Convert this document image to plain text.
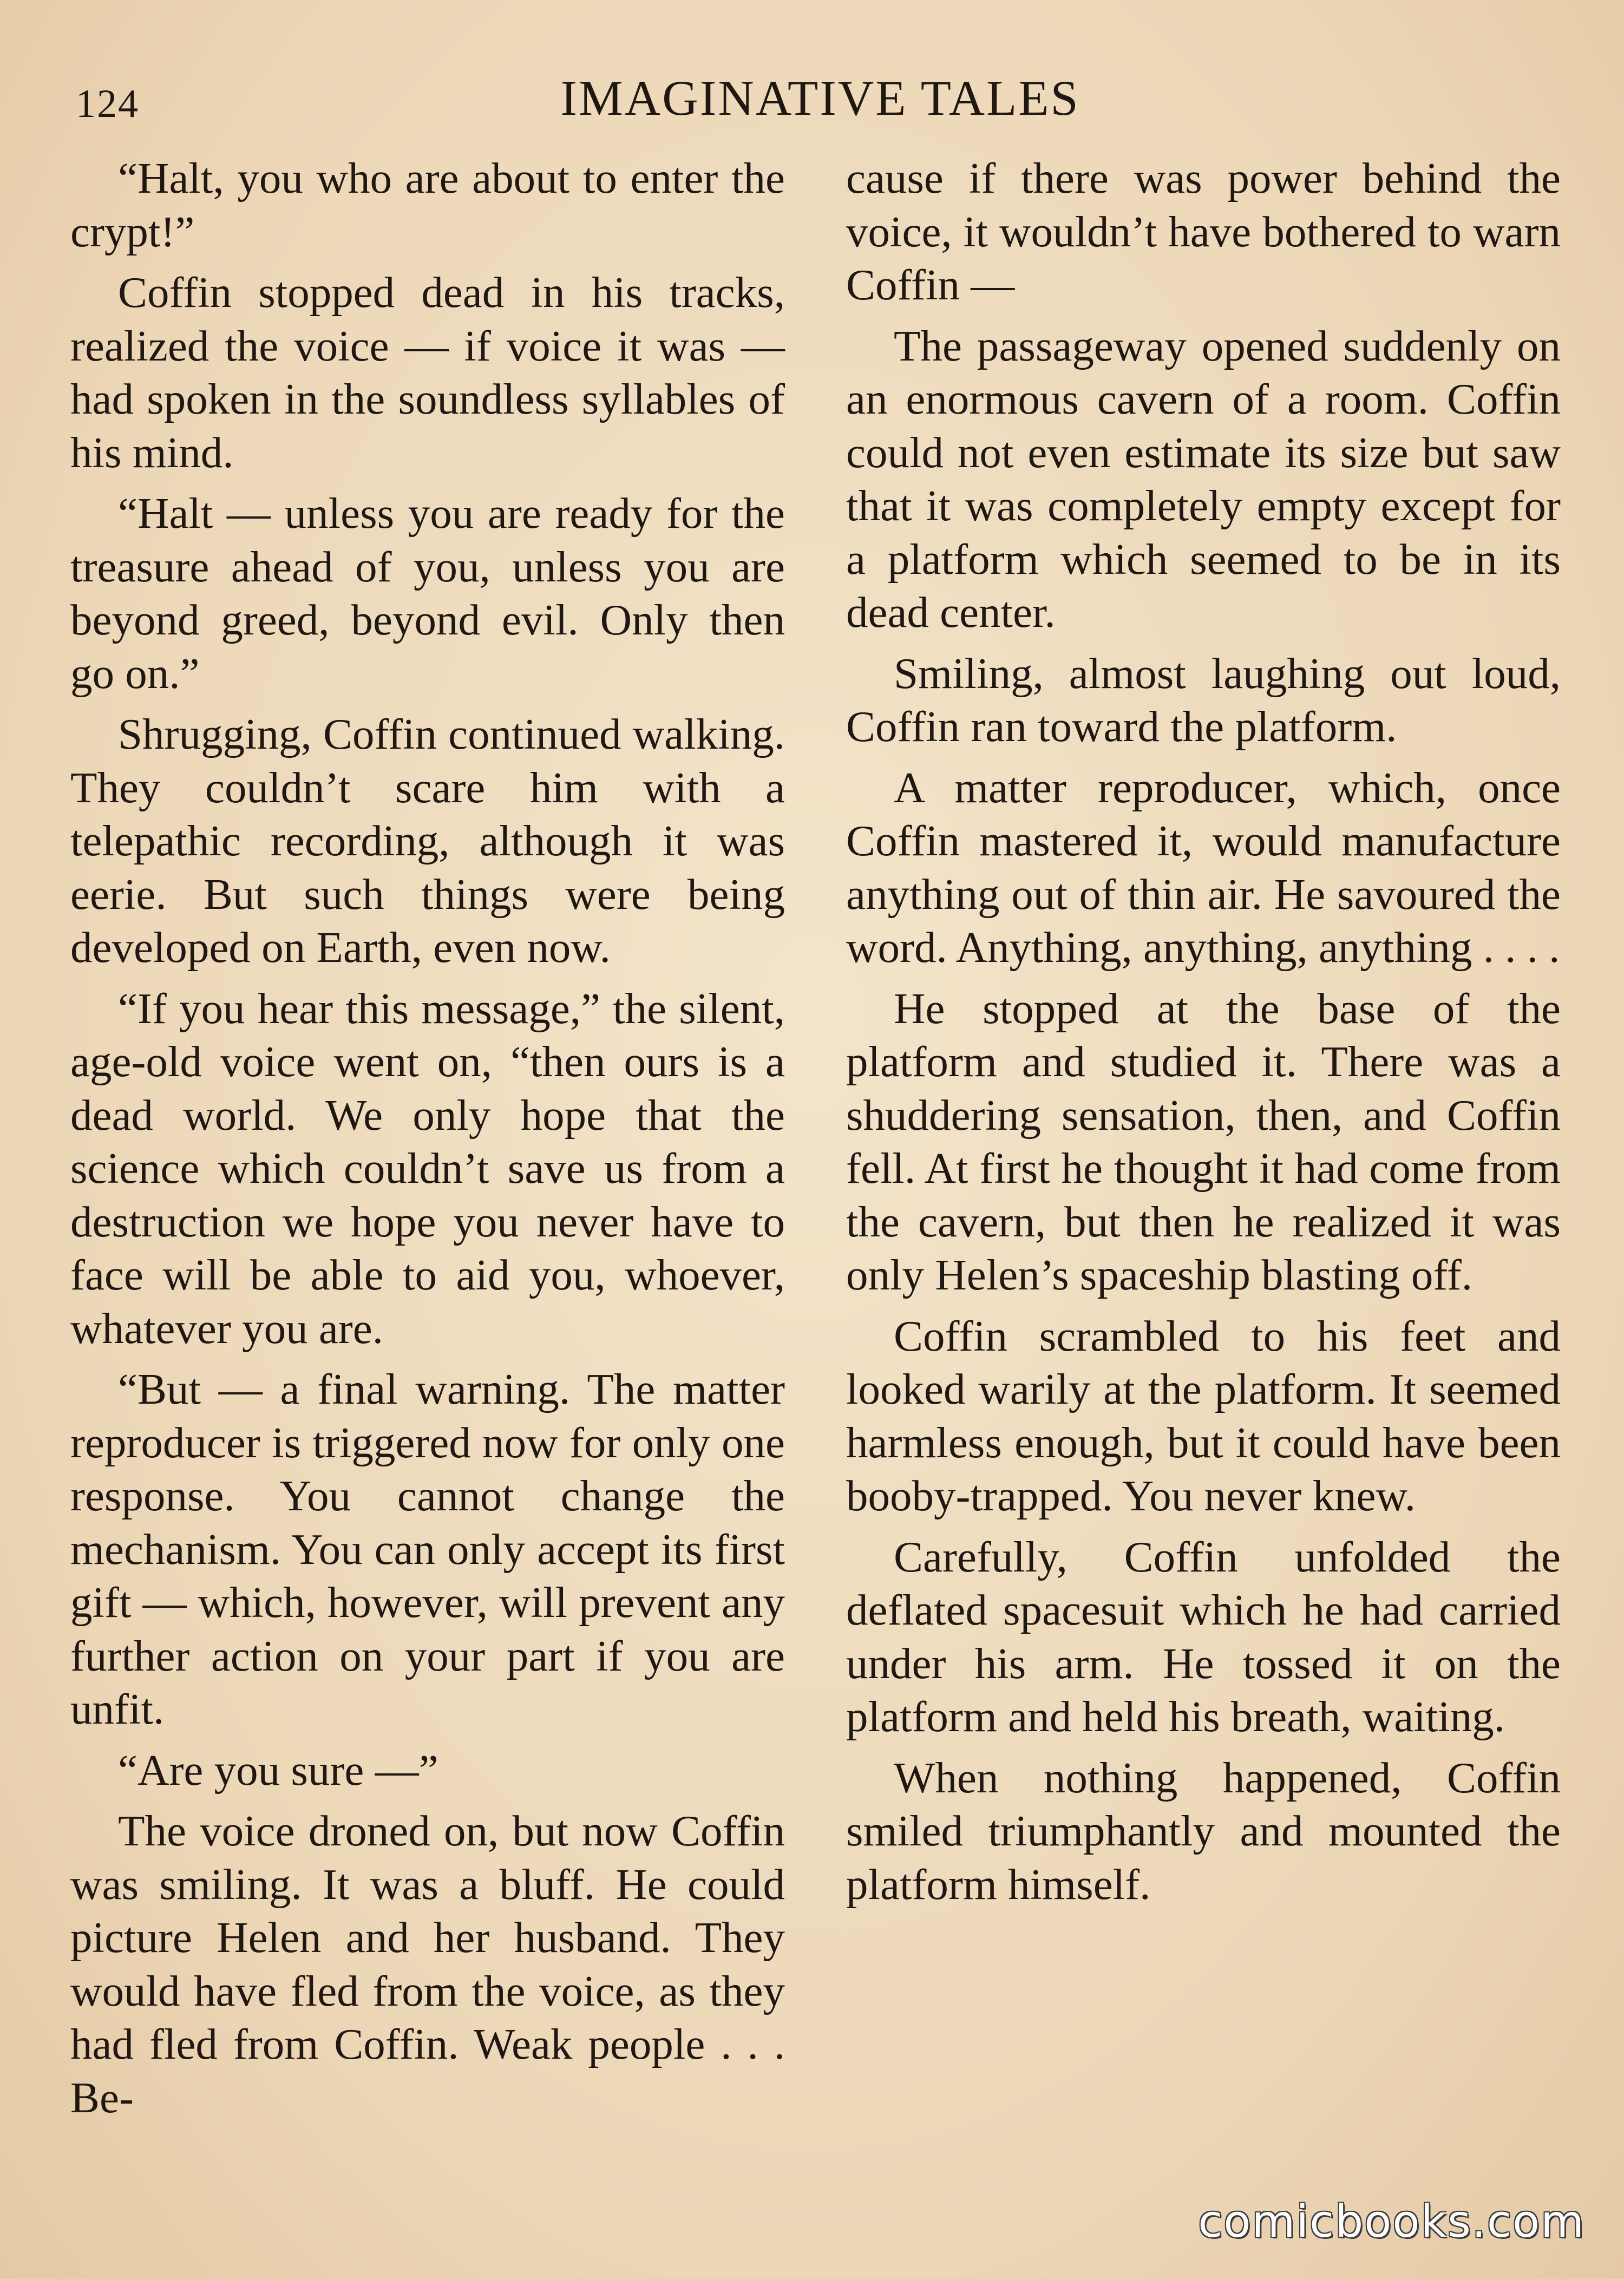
124	IMAGINATIVE TALES

“Halt, you who are about to enter the crypt!”

Coffin stopped dead in his tracks, realized the voice — if voice it was — had spoken in the soundless syllables of his mind.

“Halt — unless you are ready for the treasure ahead of you, unless you are beyond greed, beyond evil. Only then go on.”

Shrugging, Coffin continued walking. They couldn’t scare him with a telepathic recording, although it was eerie. But such things were being developed on Earth, even now.

“If you hear this message,” the silent, age-old voice went on, “then ours is a dead world. We only hope that the science which couldn’t save us from a destruction we hope you never have to face will be able to aid you, whoever, whatever you are.

“But — a final warning. The matter reproducer is triggered now for only one response. You cannot change the mechanism. You can only accept its first gift — which, however, will prevent any further action on your part if you are unfit.

“Are you sure —”

The voice droned on, but now Coffin was smiling. It was a bluff. He could picture Helen and her husband. They would have fled from the voice, as they had fled from Coffin. Weak people . . . Be-

cause if there was power behind the voice, it wouldn’t have bothered to warn Coffin —

The passageway opened suddenly on an enormous cavern of a room. Coffin could not even estimate its size but saw that it was completely empty except for a platform which seemed to be in its dead center.

Smiling, almost laughing out loud, Coffin ran toward the platform.

A matter reproducer, which, once Coffin mastered it, would manufacture anything out of thin air. He savoured the word. Anything, anything, anything . . . .

He stopped at the base of the platform and studied it. There was a shuddering sensation, then, and Coffin fell. At first he thought it had come from the cavern, but then he realized it was only Helen’s spaceship blasting off.

Coffin scrambled to his feet and looked warily at the platform. It seemed harmless enough, but it could have been booby-trapped. You never knew.

Carefully, Coffin unfolded the deflated spacesuit which he had carried under his arm. He tossed it on the platform and held his breath, waiting.

When nothing happened, Coffin smiled triumphantly and mounted the platform himself.

comicbooks.com
